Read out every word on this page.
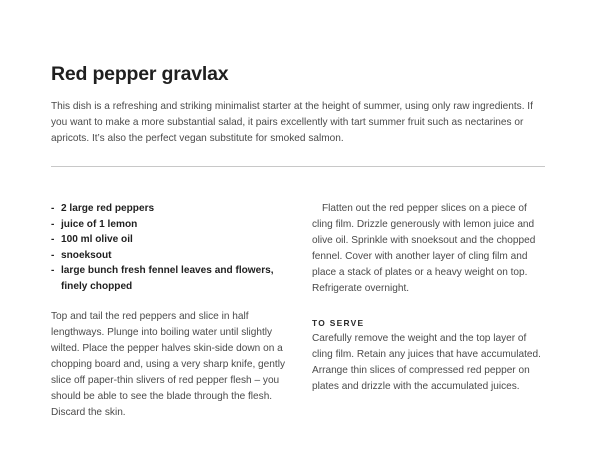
Red pepper gravlax

This dish is a refreshing and striking minimalist starter at the height of summer, using only raw ingredients. If you want to make a more substantial salad, it pairs excellently with tart summer fruit such as nectarines or apricots. It’s also the perfect vegan substitute for smoked salmon.

- 2 large red peppers
- juice of 1 lemon
- 100 ml olive oil
- snoeksout
- large bunch fresh fennel leaves and flowers, finely chopped

Top and tail the red peppers and slice in half lengthways. Plunge into boiling water until slightly wilted. Place the pepper halves skin-side down on a chopping board and, using a very sharp knife, gently slice off paper-thin slivers of red pepper flesh – you should be able to see the blade through the flesh. Discard the skin.

Flatten out the red pepper slices on a piece of cling film. Drizzle generously with lemon juice and olive oil. Sprinkle with snoeksout and the chopped fennel. Cover with another layer of cling film and place a stack of plates or a heavy weight on top. Refrigerate overnight.

TO SERVE

Carefully remove the weight and the top layer of cling film. Retain any juices that have accumulated. Arrange thin slices of compressed red pepper on plates and drizzle with the accumulated juices.
